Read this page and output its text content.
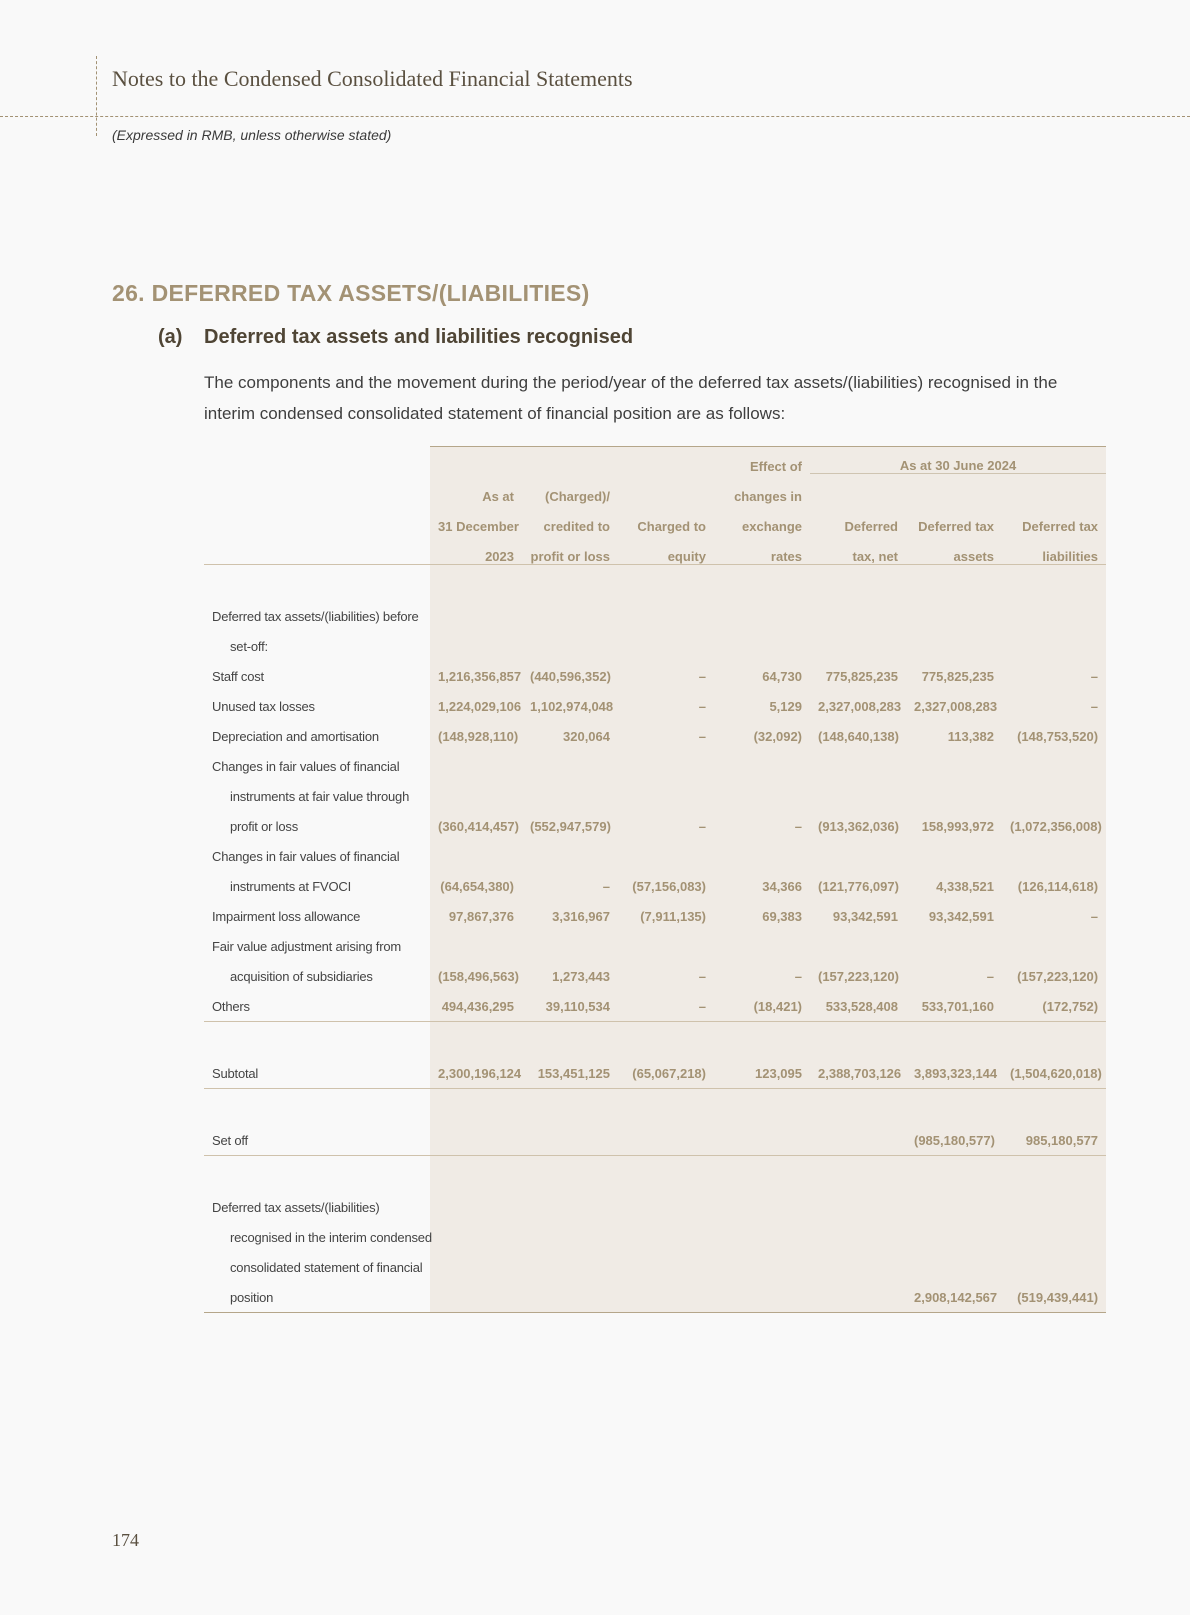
Notes to the Condensed Consolidated Financial Statements
(Expressed in RMB, unless otherwise stated)
26. DEFERRED TAX ASSETS/(LIABILITIES)
(a) Deferred tax assets and liabilities recognised
The components and the movement during the period/year of the deferred tax assets/(liabilities) recognised in the interim condensed consolidated statement of financial position are as follows:
				Effect of	As at 30 June 2024		
	As at	(Charged)/		changes in			
	31 December	credited to	Charged to	exchange	Deferred	Deferred tax	Deferred tax
	2023	profit or loss	equity	rates	tax, net	assets	liabilities

Deferred tax assets/(liabilities) before							
set-off:							
Staff cost	1,216,356,857	(440,596,352)	–	64,730	775,825,235	775,825,235	–
Unused tax losses	1,224,029,106	1,102,974,048	–	5,129	2,327,008,283	2,327,008,283	–
Depreciation and amortisation	(148,928,110)	320,064	–	(32,092)	(148,640,138)	113,382	(148,753,520)
Changes in fair values of financial							
instruments at fair value through							
profit or loss	(360,414,457)	(552,947,579)	–	–	(913,362,036)	158,993,972	(1,072,356,008)
Changes in fair values of financial							
instruments at FVOCI	(64,654,380)	–	(57,156,083)	34,366	(121,776,097)	4,338,521	(126,114,618)
Impairment loss allowance	97,867,376	3,316,967	(7,911,135)	69,383	93,342,591	93,342,591	–
Fair value adjustment arising from							
acquisition of subsidiaries	(158,496,563)	1,273,443	–	–	(157,223,120)	–	(157,223,120)
Others	494,436,295	39,110,534	–	(18,421)	533,528,408	533,701,160	(172,752)

Subtotal	2,300,196,124	153,451,125	(65,067,218)	123,095	2,388,703,126	3,893,323,144	(1,504,620,018)

Set off						(985,180,577)	985,180,577

Deferred tax assets/(liabilities)							
recognised in the interim condensed							
consolidated statement of financial							
position						2,908,142,567	(519,439,441)
174
